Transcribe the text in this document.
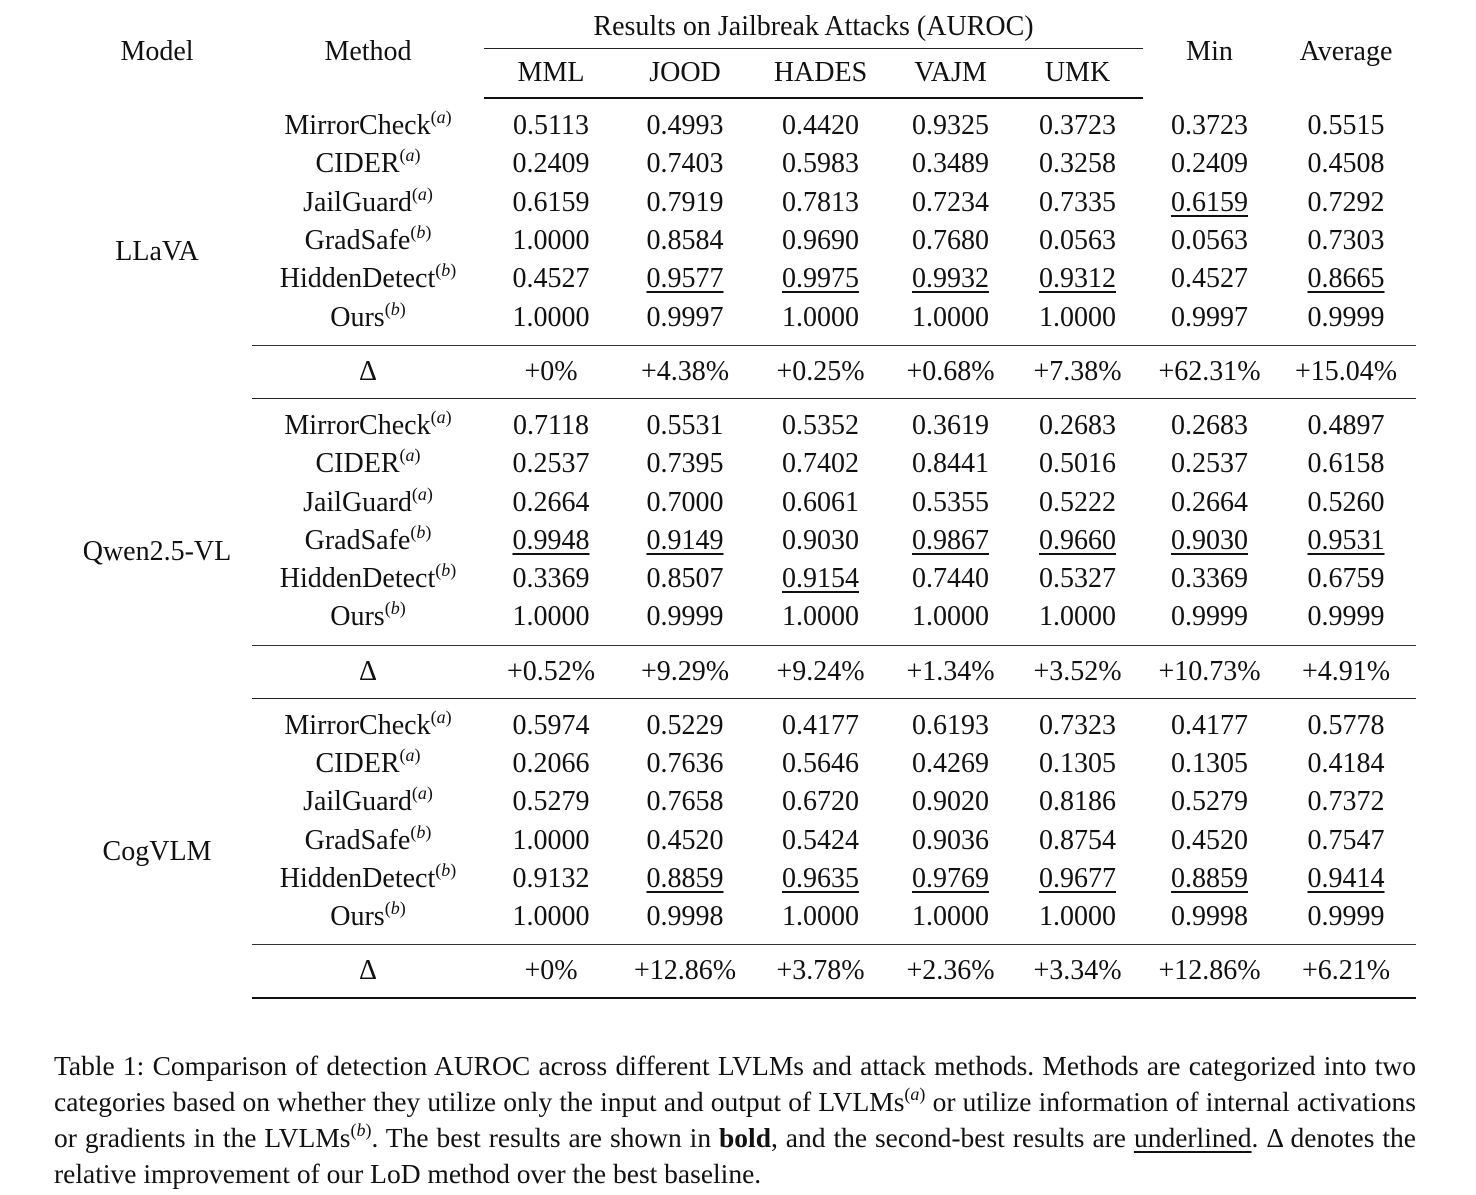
Model	Method	Results on Jailbreak Attacks (AUROC)					Min	Average
		MML	JOOD	HADES	VAJM	UMK		
LLaVA	MirrorCheck$^{(a)}$	0.5113	0.4993	0.4420	0.9325	0.3723	0.3723	0.5515
	CIDER$^{(a)}$	0.2409	0.7403	0.5983	0.3489	0.3258	0.2409	0.4508
	JailGuard$^{(a)}$	0.6159	0.7919	0.7813	0.7234	0.7335	0.6159	0.7292
	GradSafe$^{(b)}$	1.0000	0.8584	0.9690	0.7680	0.0563	0.0563	0.7303
	HiddenDetect$^{(b)}$	0.4527	0.9577	0.9975	0.9932	0.9312	0.4527	0.8665
	Ours$^{(b)}$	1.0000	0.9997	1.0000	1.0000	1.0000	0.9997	0.9999
	Δ	+0%	+4.38%	+0.25%	+0.68%	+7.38%	+62.31%	+15.04%
Qwen2.5-VL	MirrorCheck$^{(a)}$	0.7118	0.5531	0.5352	0.3619	0.2683	0.2683	0.4897
	CIDER$^{(a)}$	0.2537	0.7395	0.7402	0.8441	0.5016	0.2537	0.6158
	JailGuard$^{(a)}$	0.2664	0.7000	0.6061	0.5355	0.5222	0.2664	0.5260
	GradSafe$^{(b)}$	0.9948	0.9149	0.9030	0.9867	0.9660	0.9030	0.9531
	HiddenDetect$^{(b)}$	0.3369	0.8507	0.9154	0.7440	0.5327	0.3369	0.6759
	Ours$^{(b)}$	1.0000	0.9999	1.0000	1.0000	1.0000	0.9999	0.9999
	Δ	+0.52%	+9.29%	+9.24%	+1.34%	+3.52%	+10.73%	+4.91%
CogVLM	MirrorCheck$^{(a)}$	0.5974	0.5229	0.4177	0.6193	0.7323	0.4177	0.5778
	CIDER$^{(a)}$	0.2066	0.7636	0.5646	0.4269	0.1305	0.1305	0.4184
	JailGuard$^{(a)}$	0.5279	0.7658	0.6720	0.9020	0.8186	0.5279	0.7372
	GradSafe$^{(b)}$	1.0000	0.4520	0.5424	0.9036	0.8754	0.4520	0.7547
	HiddenDetect$^{(b)}$	0.9132	0.8859	0.9635	0.9769	0.9677	0.8859	0.9414
	Ours$^{(b)}$	1.0000	0.9998	1.0000	1.0000	1.0000	0.9998	0.9999
	Δ	+0%	+12.86%	+3.78%	+2.36%	+3.34%	+12.86%	+6.21%

Table 1: Comparison of detection AUROC across different LVLMs and attack methods. Methods are categorized into two categories based on whether they utilize only the input and output of LVLMs$^{(a)}$ or utilize information of internal activations or gradients in the LVLMs$^{(b)}$. The best results are shown in bold, and the second-best results are underlined. Δ denotes the relative improvement of our LoD method over the best baseline.
